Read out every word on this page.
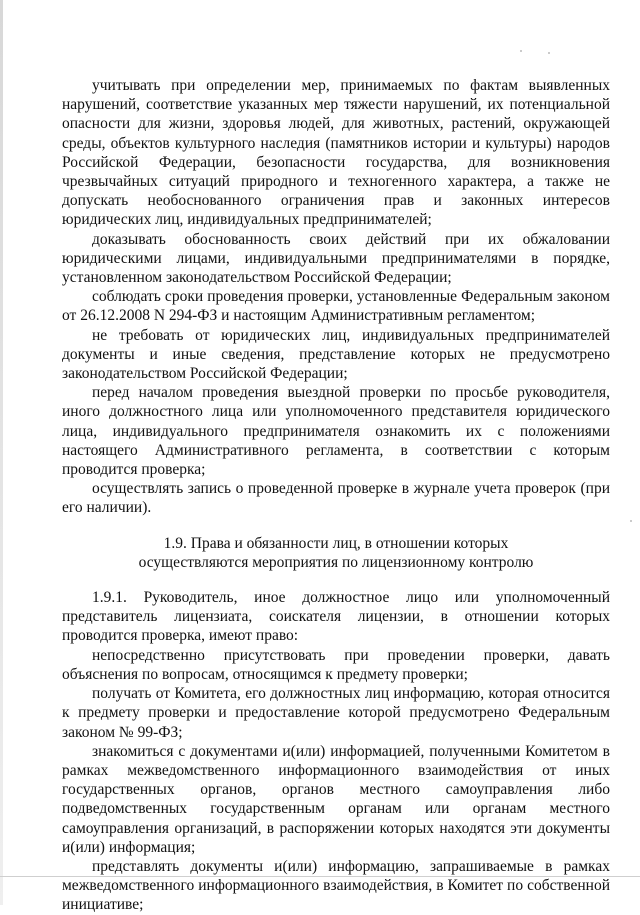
учитывать при определении мер, принимаемых по фактам выявленных нарушений, соответствие указанных мер тяжести нарушений, их потенциальной опасности для жизни, здоровья людей, для животных, растений, окружающей среды, объектов культурного наследия (памятников истории и культуры) народов Российской Федерации, безопасности государства, для возникновения чрезвычайных ситуаций природного и техногенного характера, а также не допускать необоснованного ограничения прав и законных интересов юридических лиц, индивидуальных предпринимателей;

доказывать обоснованность своих действий при их обжаловании юридическими лицами, индивидуальными предпринимателями в порядке, установленном законодательством Российской Федерации;

соблюдать сроки проведения проверки, установленные Федеральным законом от 26.12.2008 N 294-ФЗ и настоящим Административным регламентом;

не требовать от юридических лиц, индивидуальных предпринимателей документы и иные сведения, представление которых не предусмотрено законодательством Российской Федерации;

перед началом проведения выездной проверки по просьбе руководителя, иного должностного лица или уполномоченного представителя юридического лица, индивидуального предпринимателя ознакомить их с положениями настоящего Административного регламента, в соответствии с которым проводится проверка;

осуществлять запись о проведенной проверке в журнале учета проверок (при его наличии).

1.9. Права и обязанности лиц, в отношении которых
осуществляются мероприятия по лицензионному контролю

1.9.1. Руководитель, иное должностное лицо или уполномоченный представитель лицензиата, соискателя лицензии, в отношении которых проводится проверка, имеют право:

непосредственно присутствовать при проведении проверки, давать объяснения по вопросам, относящимся к предмету проверки;

получать от Комитета, его должностных лиц информацию, которая относится к предмету проверки и предоставление которой предусмотрено Федеральным законом № 99-ФЗ;

знакомиться с документами и(или) информацией, полученными Комитетом в рамках межведомственного информационного взаимодействия от иных государственных органов, органов местного самоуправления либо подведомственных государственным органам или органам местного самоуправления организаций, в распоряжении которых находятся эти документы и(или) информация;

представлять документы и(или) информацию, запрашиваемые в рамках межведомственного информационного взаимодействия, в Комитет по собственной инициативе;
